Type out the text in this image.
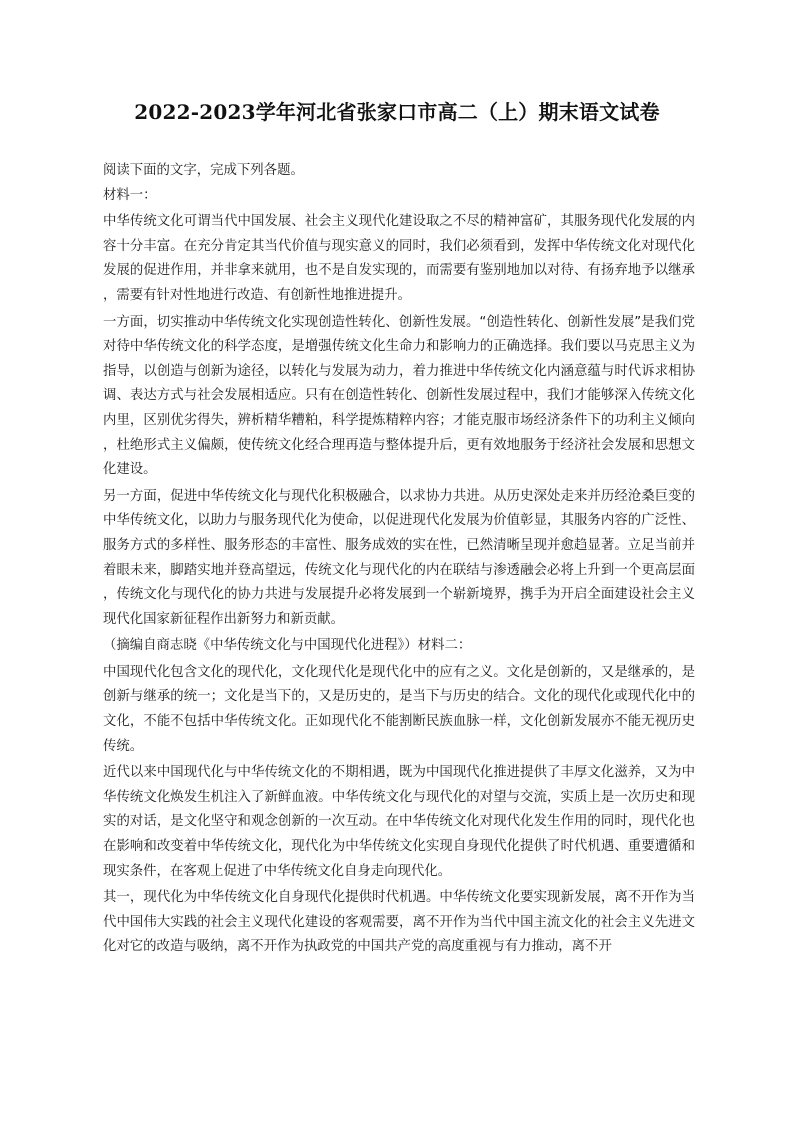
2022-2023学年河北省张家口市高二（上）期末语文试卷

阅读下面的文字，完成下列各题。

材料一：

中华传统文化可谓当代中国发展、社会主义现代化建设取之不尽的精神富矿，其服务现代化发展的内容十分丰富。在充分肯定其当代价值与现实意义的同时，我们必须看到，发挥中华传统文化对现代化发展的促进作用，并非拿来就用，也不是自发实现的，而需要有鉴别地加以对待、有扬弃地予以继承，需要有针对性地进行改造、有创新性地推进提升。

一方面，切实推动中华传统文化实现创造性转化、创新性发展。“创造性转化、创新性发展”是我们党对待中华传统文化的科学态度，是增强传统文化生命力和影响力的正确选择。我们要以马克思主义为指导，以创造与创新为途径，以转化与发展为动力，着力推进中华传统文化内涵意蕴与时代诉求相协调、表达方式与社会发展相适应。只有在创造性转化、创新性发展过程中，我们才能够深入传统文化内里，区别优劣得失，辨析精华糟粕，科学提炼精粹内容；才能克服市场经济条件下的功利主义倾向，杜绝形式主义偏颇，使传统文化经合理再造与整体提升后，更有效地服务于经济社会发展和思想文化建设。

另一方面，促进中华传统文化与现代化积极融合，以求协力共进。从历史深处走来并历经沧桑巨变的中华传统文化，以助力与服务现代化为使命，以促进现代化发展为价值彰显，其服务内容的广泛性、服务方式的多样性、服务形态的丰富性、服务成效的实在性，已然清晰呈现并愈趋显著。立足当前并着眼未来，脚踏实地并登高望远，传统文化与现代化的内在联结与渗透融会必将上升到一个更高层面，传统文化与现代化的协力共进与发展提升必将发展到一个崭新境界，携手为开启全面建设社会主义现代化国家新征程作出新努力和新贡献。

（摘编自商志晓《中华传统文化与中国现代化进程》）材料二：

中国现代化包含文化的现代化，文化现代化是现代化中的应有之义。文化是创新的，又是继承的，是创新与继承的统一；文化是当下的，又是历史的，是当下与历史的结合。文化的现代化或现代化中的文化，不能不包括中华传统文化。正如现代化不能割断民族血脉一样，文化创新发展亦不能无视历史传统。

近代以来中国现代化与中华传统文化的不期相遇，既为中国现代化推进提供了丰厚文化滋养，又为中华传统文化焕发生机注入了新鲜血液。中华传统文化与现代化的对望与交流，实质上是一次历史和现实的对话，是文化坚守和观念创新的一次互动。在中华传统文化对现代化发生作用的同时，现代化也在影响和改变着中华传统文化，现代化为中华传统文化实现自身现代化提供了时代机遇、重要遭循和现实条件，在客观上促进了中华传统文化自身走向现代化。

其一，现代化为中华传统文化自身现代化提供时代机遇。中华传统文化要实现新发展，离不开作为当代中国伟大实践的社会主义现代化建设的客观需要，离不开作为当代中国主流文化的社会主义先进文化对它的改造与吸纳，离不开作为执政党的中国共产党的高度重视与有力推动，离不开
